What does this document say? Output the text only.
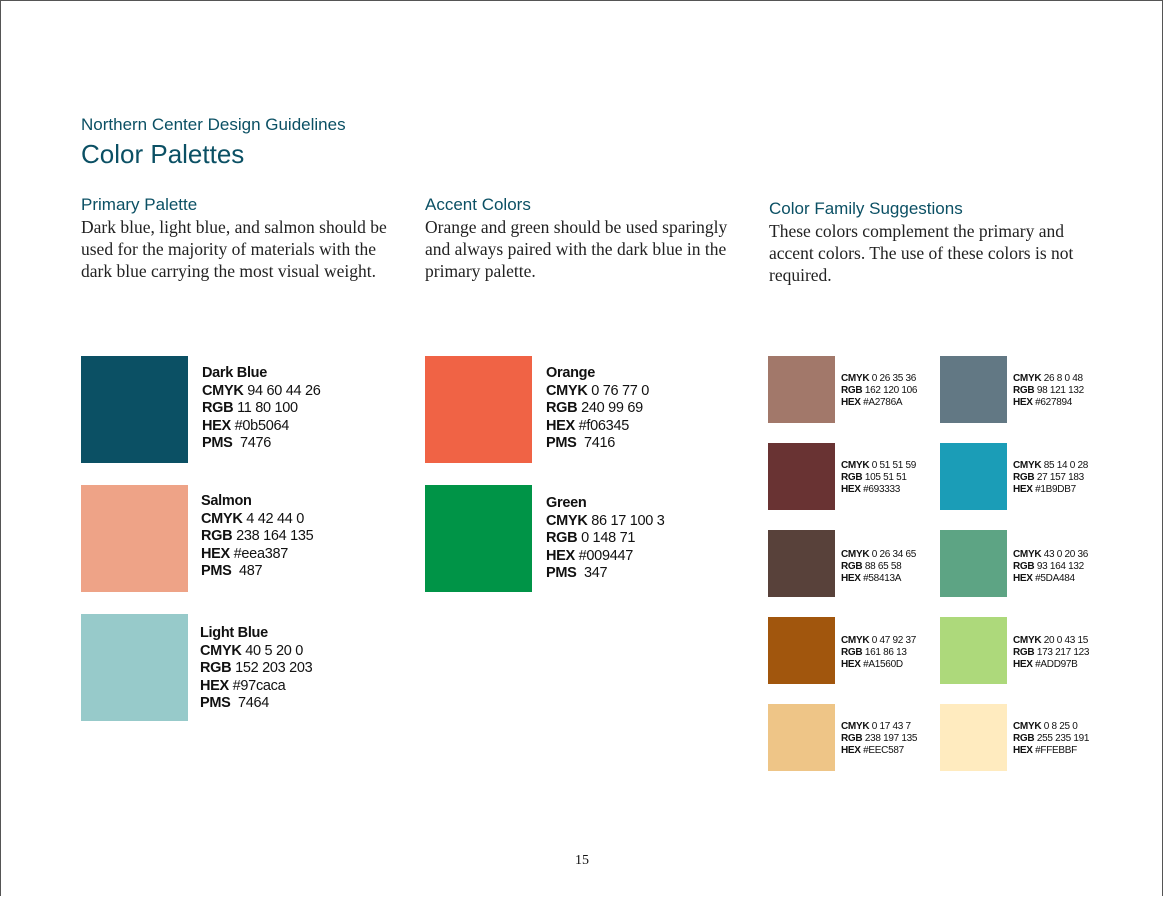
Northern Center Design Guidelines
Color Palettes
Primary Palette

Dark blue, light blue, and salmon should be used for the majority of materials with the dark blue carrying the most visual weight.

Accent Colors

Orange and green should be used sparingly and always paired with the dark blue in the primary palette.

Color Family Suggestions

These colors complement the primary and accent colors. The use of these colors is not required.

Dark Blue
CMYK 94 60 44 26
RGB 11 80 100
HEX #0b5064
PMS 7476
Salmon
CMYK 4 42 44 0
RGB 238 164 135
HEX #eea387
PMS 487
Light Blue
CMYK 40 5 20 0
RGB 152 203 203
HEX #97caca
PMS 7464
Orange
CMYK 0 76 77 0
RGB 240 99 69
HEX #f06345
PMS 7416
Green
CMYK 86 17 100 3
RGB 0 148 71
HEX #009447
PMS 347
CMYK 0 26 35 36
RGB 162 120 106
HEX #A2786A
CMYK 26 8 0 48
RGB 98 121 132
HEX #627894
CMYK 0 51 51 59
RGB 105 51 51
HEX #693333
CMYK 85 14 0 28
RGB 27 157 183
HEX #1B9DB7
CMYK 0 26 34 65
RGB 88 65 58
HEX #58413A
CMYK 43 0 20 36
RGB 93 164 132
HEX #5DA484
CMYK 0 47 92 37
RGB 161 86 13
HEX #A1560D
CMYK 20 0 43 15
RGB 173 217 123
HEX #ADD97B
CMYK 0 17 43 7
RGB 238 197 135
HEX #EEC587
CMYK 0 8 25 0
RGB 255 235 191
HEX #FFEBBF
15
